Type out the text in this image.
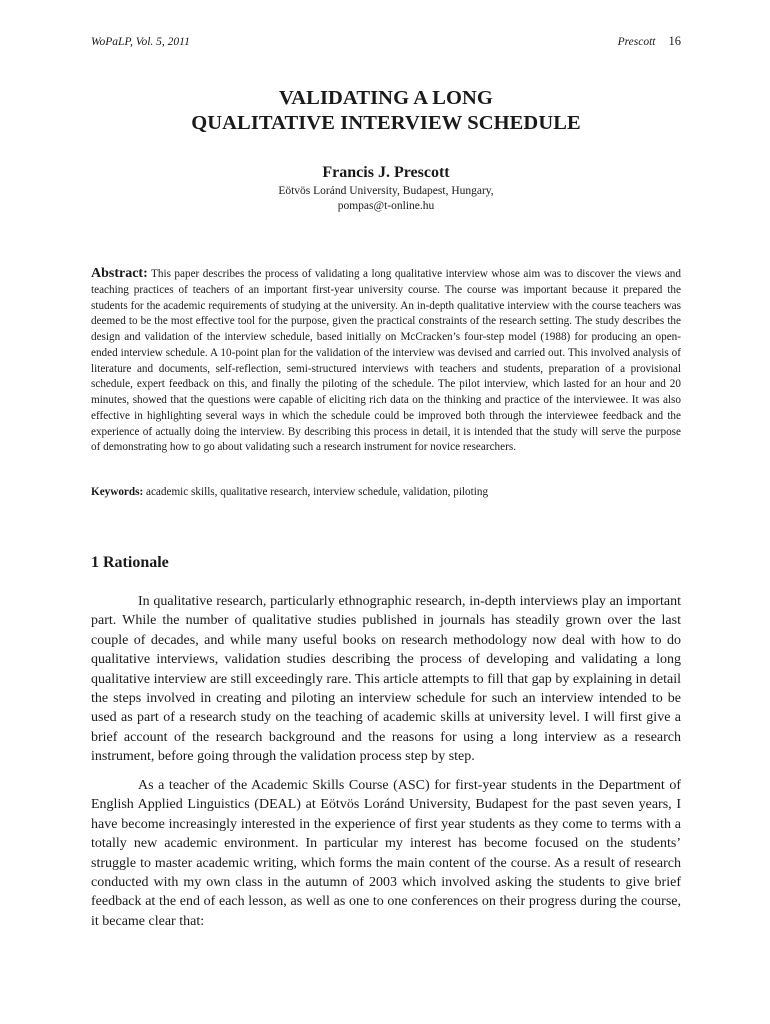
WoPaLP, Vol. 5, 2011	Prescott 16
VALIDATING A LONG
QUALITATIVE INTERVIEW SCHEDULE
Francis J. Prescott
Eötvös Loránd University, Budapest, Hungary,
pompas@t-online.hu

Abstract: This paper describes the process of validating a long qualitative interview whose aim was to discover the views and teaching practices of teachers of an important first-year university course. The course was important because it prepared the students for the academic requirements of studying at the university. An in-depth qualitative interview with the course teachers was deemed to be the most effective tool for the purpose, given the practical constraints of the research setting. The study describes the design and validation of the interview schedule, based initially on McCracken’s four-step model (1988) for producing an open-ended interview schedule. A 10-point plan for the validation of the interview was devised and carried out. This involved analysis of literature and documents, self-reflection, semi-structured interviews with teachers and students, preparation of a provisional schedule, expert feedback on this, and finally the piloting of the schedule. The pilot interview, which lasted for an hour and 20 minutes, showed that the questions were capable of eliciting rich data on the thinking and practice of the interviewee. It was also effective in highlighting several ways in which the schedule could be improved both through the interviewee feedback and the experience of actually doing the interview. By describing this process in detail, it is intended that the study will serve the purpose of demonstrating how to go about validating such a research instrument for novice researchers.

Keywords: academic skills, qualitative research, interview schedule, validation, piloting

1 Rationale

In qualitative research, particularly ethnographic research, in-depth interviews play an important part. While the number of qualitative studies published in journals has steadily grown over the last couple of decades, and while many useful books on research methodology now deal with how to do qualitative interviews, validation studies describing the process of developing and validating a long qualitative interview are still exceedingly rare. This article attempts to fill that gap by explaining in detail the steps involved in creating and piloting an interview schedule for such an interview intended to be used as part of a research study on the teaching of academic skills at university level. I will first give a brief account of the research background and the reasons for using a long interview as a research instrument, before going through the validation process step by step.

As a teacher of the Academic Skills Course (ASC) for first-year students in the Department of English Applied Linguistics (DEAL) at Eötvös Loránd University, Budapest for the past seven years, I have become increasingly interested in the experience of first year students as they come to terms with a totally new academic environment. In particular my interest has become focused on the students’ struggle to master academic writing, which forms the main content of the course. As a result of research conducted with my own class in the autumn of 2003 which involved asking the students to give brief feedback at the end of each lesson, as well as one to one conferences on their progress during the course, it became clear that:
